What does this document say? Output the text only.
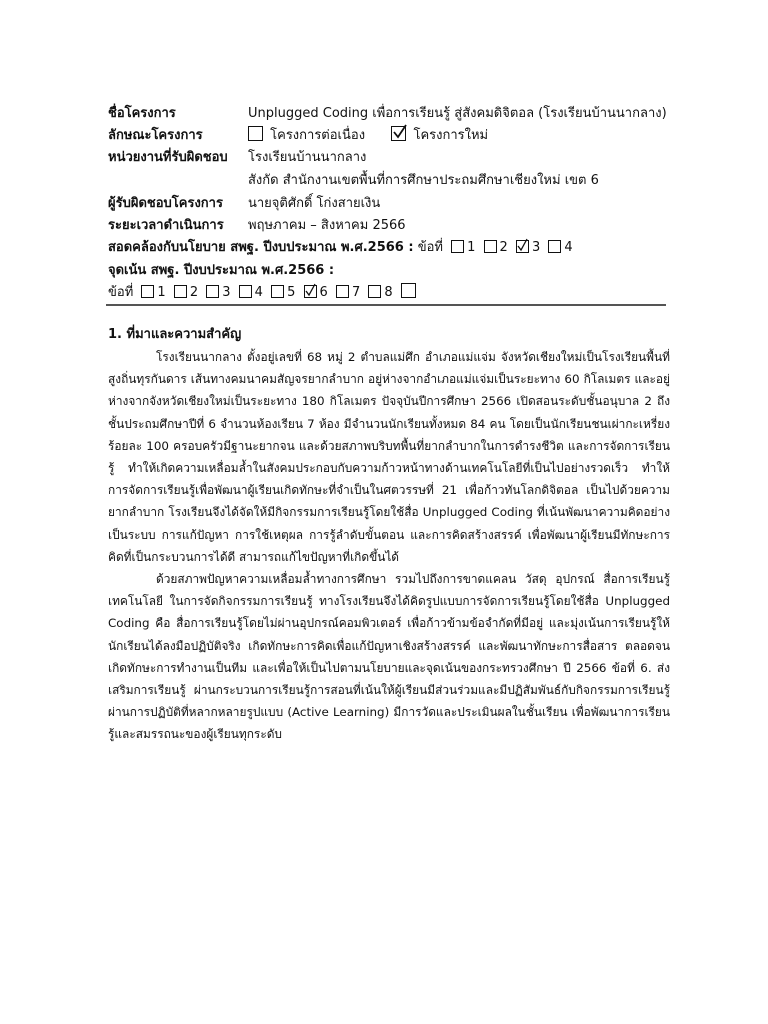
ชื่อโครงการ	Unplugged Coding เพื่อการเรียนรู้ สู่สังคมดิจิตอล (โรงเรียนบ้านนากลาง)
ลักษณะโครงการ	โครงการต่อเนื่อง	โครงการใหม่
หน่วยงานที่รับผิดชอบ โรงเรียนบ้านนากลาง
สังกัด สำนักงานเขตพื้นที่การศึกษาประถมศึกษาเชียงใหม่ เขต 6
ผู้รับผิดชอบโครงการ นายจุติศักดิ์ โก่งสายเงิน
ระยะเวลาดำเนินการ พฤษภาคม – สิงหาคม 2566
สอดคล้องกับนโยบาย สพฐ. ปีงบประมาณ พ.ศ.2566 : ข้อที่ 1 2 3 4
จุดเน้น สพฐ. ปีงบประมาณ พ.ศ.2566 :
ข้อที่ 1 2 3 4 5 6 7 8
1. ที่มาและความสำคัญ
โรงเรียนนากลาง ตั้งอยู่เลขที่ 68 หมู่ 2 ตำบลแม่ศึก อำเภอแม่แจ่ม จังหวัดเชียงใหม่เป็นโรงเรียนพื้นที่สูงถิ่นทุรกันดาร เส้นทางคมนาคมสัญจรยากลำบาก อยู่ห่างจากอำเภอแม่แจ่มเป็นระยะทาง 60 กิโลเมตร และอยู่ห่างจากจังหวัดเชียงใหม่เป็นระยะทาง 180 กิโลเมตร ปัจจุบันปีการศึกษา 2566 เปิดสอนระดับชั้นอนุบาล 2 ถึง ชั้นประถมศึกษาปีที่ 6 จำนวนห้องเรียน 7 ห้อง มีจำนวนนักเรียนทั้งหมด 84 คน โดยเป็นนักเรียนชนเผ่ากะเหรี่ยง ร้อยละ 100 ครอบครัวมีฐานะยากจน และด้วยสภาพบริบทพื้นที่ยากลำบากในการดำรงชีวิต และการจัดการเรียนรู้ ทำให้เกิดความเหลื่อมล้ำในสังคมประกอบกับความก้าวหน้าทางด้านเทคโนโลยีที่เป็นไปอย่างรวดเร็ว ทำให้การจัดการเรียนรู้เพื่อพัฒนาผู้เรียนเกิดทักษะที่จำเป็นในศตวรรษที่ 21 เพื่อก้าวทันโลกดิจิตอล เป็นไปด้วยความยากลำบาก โรงเรียนจึงได้จัดให้มีกิจกรรมการเรียนรู้โดยใช้สื่อ Unplugged Coding ที่เน้นพัฒนาความคิดอย่างเป็นระบบ การแก้ปัญหา การใช้เหตุผล การรู้ลำดับขั้นตอน และการคิดสร้างสรรค์ เพื่อพัฒนาผู้เรียนมีทักษะการคิดที่เป็นกระบวนการได้ดี สามารถแก้ไขปัญหาที่เกิดขึ้นได้
ด้วยสภาพปัญหาความเหลื่อมล้ำทางการศึกษา รวมไปถึงการขาดแคลน วัสดุ อุปกรณ์ สื่อการเรียนรู้เทคโนโลยี ในการจัดกิจกรรมการเรียนรู้ ทางโรงเรียนจึงได้คิดรูปแบบการจัดการเรียนรู้โดยใช้สื่อ Unplugged Coding คือ สื่อการเรียนรู้โดยไม่ผ่านอุปกรณ์คอมพิวเตอร์ เพื่อก้าวข้ามข้อจำกัดที่มีอยู่ และมุ่งเน้นการเรียนรู้ให้นักเรียนได้ลงมือปฏิบัติจริง เกิดทักษะการคิดเพื่อแก้ปัญหาเชิงสร้างสรรค์ และพัฒนาทักษะการสื่อสาร ตลอดจนเกิดทักษะการทำงานเป็นทีม และเพื่อให้เป็นไปตามนโยบายและจุดเน้นของกระทรวงศึกษา ปี 2566 ข้อที่ 6. ส่งเสริมการเรียนรู้ ผ่านกระบวนการเรียนรู้การสอนที่เน้นให้ผู้เรียนมีส่วนร่วมและมีปฏิสัมพันธ์กับกิจกรรมการเรียนรู้ผ่านการปฏิบัติที่หลากหลายรูปแบบ (Active Learning) มีการวัดและประเมินผลในชั้นเรียน เพื่อพัฒนาการเรียนรู้และสมรรถนะของผู้เรียนทุกระดับ
